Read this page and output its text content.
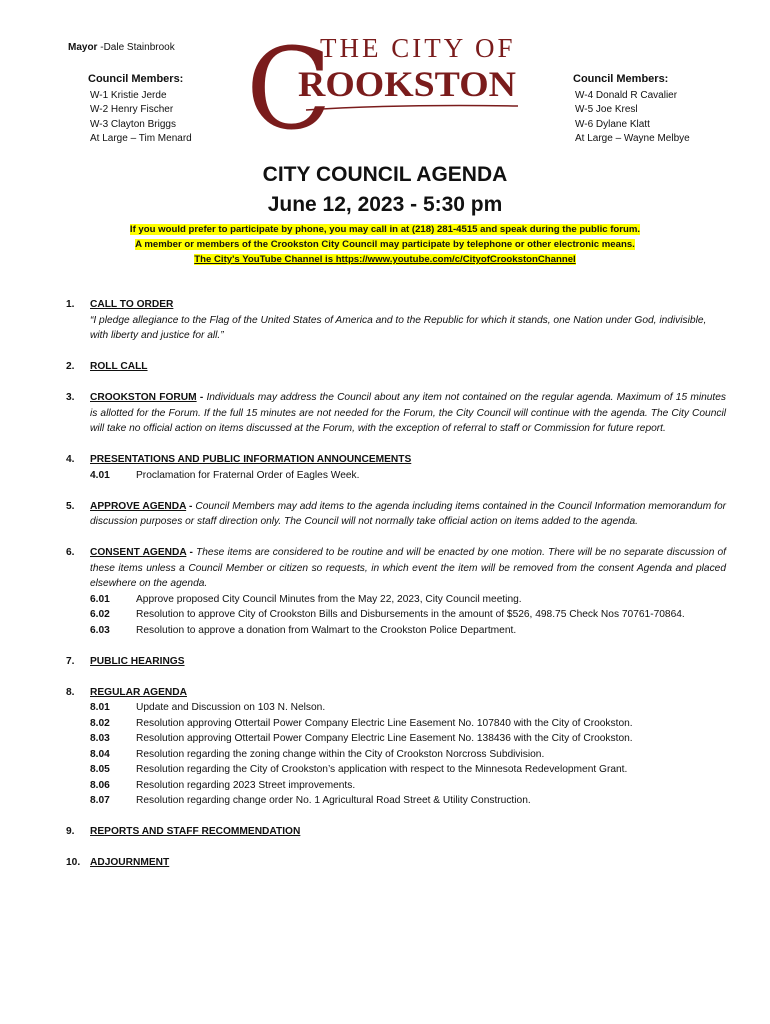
Mayor -Dale Stainbrook
Council Members:
W-1 Kristie Jerde
W-2 Henry Fischer
W-3 Clayton Briggs
At Large – Tim Menard C
THE CITY OF
ROOKSTON	Council Members:
W-4 Donald R Cavalier
W-5 Joe Kresl
W-6 Dylane Klatt
At Large – Wayne Melbye
CITY COUNCIL AGENDA
June 12, 2023 - 5:30 pm
If you would prefer to participate by phone, you may call in at (218) 281-4515 and speak during the public forum.
A member or members of the Crookston City Council may participate by telephone or other electronic means.
The City's YouTube Channel is https://www.youtube.com/c/CityofCrookstonChannel
1. CALL TO ORDER
“I pledge allegiance to the Flag of the United States of America and to the Republic for which it stands, one Nation under God, indivisible, with liberty and justice for all.”
2. ROLL CALL
3. CROOKSTON FORUM - Individuals may address the Council about any item not contained on the regular agenda. Maximum of 15 minutes is allotted for the Forum. If the full 15 minutes are not needed for the Forum, the City Council will continue with the agenda. The City Council will take no official action on items discussed at the Forum, with the exception of referral to staff or Commission for future report.
4. PRESENTATIONS AND PUBLIC INFORMATION ANNOUNCEMENTS
4.01	Proclamation for Fraternal Order of Eagles Week.
5. APPROVE AGENDA - Council Members may add items to the agenda including items contained in the Council Information memorandum for discussion purposes or staff direction only. The Council will not normally take official action on items added to the agenda.
6. CONSENT AGENDA - These items are considered to be routine and will be enacted by one motion. There will be no separate discussion of these items unless a Council Member or citizen so requests, in which event the item will be removed from the consent Agenda and placed elsewhere on the agenda.
6.01	Approve proposed City Council Minutes from the May 22, 2023, City Council meeting.
6.02	Resolution to approve City of Crookston Bills and Disbursements in the amount of $526, 498.75 Check Nos 70761-70864.
6.03	Resolution to approve a donation from Walmart to the Crookston Police Department.
7. PUBLIC HEARINGS
8. REGULAR AGENDA
8.01	Update and Discussion on 103 N. Nelson.
8.02	Resolution approving Ottertail Power Company Electric Line Easement No. 107840 with the City of Crookston.
8.03	Resolution approving Ottertail Power Company Electric Line Easement No. 138436 with the City of Crookston.
8.04	Resolution regarding the zoning change within the City of Crookston Norcross Subdivision.
8.05	Resolution regarding the City of Crookston’s application with respect to the Minnesota Redevelopment Grant.
8.06	Resolution regarding 2023 Street improvements.
8.07	Resolution regarding change order No. 1 Agricultural Road Street & Utility Construction.
9. REPORTS AND STAFF RECOMMENDATION
10. ADJOURNMENT
